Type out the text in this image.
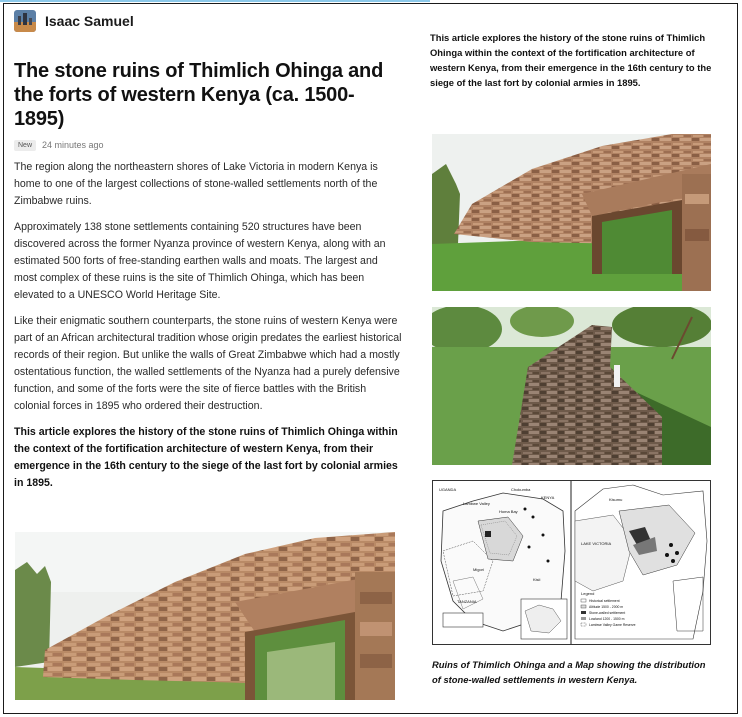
Isaac Samuel
The stone ruins of Thimlich Ohinga and the forts of western Kenya (ca. 1500-1895)
New	24 minutes ago

The region along the northeastern shores of Lake Victoria in modern Kenya is home to one of the largest collections of stone-walled settlements north of the Zimbabwe ruins.

Approximately 138 stone settlements containing 520 structures have been discovered across the former Nyanza province of western Kenya, along with an estimated 500 forts of free-standing earthen walls and moats. The largest and most complex of these ruins is the site of Thimlich Ohinga, which has been elevated to a UNESCO World Heritage Site.

Like their enigmatic southern counterparts, the stone ruins of western Kenya were part of an African architectural tradition whose origin predates the earliest historical records of their region. But unlike the walls of Great Zimbabwe which had a mostly ostentatious function, the walled settlements of the Nyanza had a purely defensive function, and some of the forts were the site of fierce battles with the British colonial forces in 1895 who ordered their destruction.

This article explores the history of the stone ruins of Thimlich Ohinga within the context of the fortification architecture of western Kenya, from their emergence in the 16th century to the siege of the last fort by colonial armies in 1895.

This article explores the history of the stone ruins of Thimlich Ohinga within the context of the fortification architecture of western Kenya, from their emergence in the 16th century to the siege of the last fort by colonial armies in 1895.

UGANDA
Lambwe Valley
Chokumba
KENYA
Homa Bay
Migori
Kisii
TANZANIA
Kisumu
LAKE VICTORIA
Legend
Historical settlement
Altitude 1500 - 2000 m
Stone-walled settlement
Lowland 1200 - 1500 m
Lambwe Valley Game Reserve

Ruins of Thimlich Ohinga and a Map showing the distribution of stone-walled settlements in western Kenya.
